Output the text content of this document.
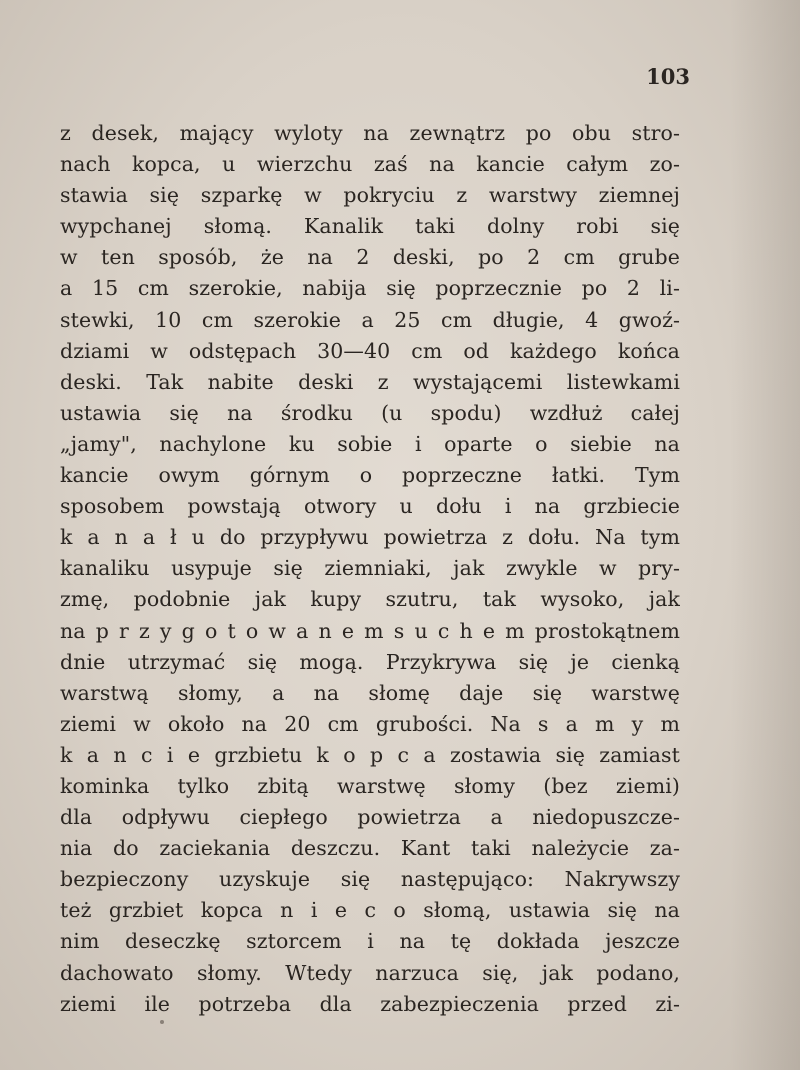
103
z desek, mający wyloty na zewnątrz po obu stro-
nach kopca, u wierzchu zaś na kancie całym zo-
stawia się szparkę w pokryciu z warstwy ziemnej
wypchanej słomą. Kanalik taki dolny robi się
w ten sposób, że na 2 deski, po 2 cm grube
a 15 cm szerokie, nabija się poprzecznie po 2 li-
stewki, 10 cm szerokie a 25 cm długie, 4 gwoź-
dziami w odstępach 30—40 cm od każdego końca
deski. Tak nabite deski z wystającemi listewkami
ustawia się na środku (u spodu) wzdłuż całej
„jamy", nachylone ku sobie i oparte o siebie na
kancie owym górnym o poprzeczne łatki. Tym
sposobem powstają otwory u dołu i na grzbiecie
k a n a ł u do przypływu powietrza z dołu. Na tym
kanaliku usypuje się ziemniaki, jak zwykle w pry-
zmę, podobnie jak kupy szutru, tak wysoko, jak
na p r z y g o t o w a n e m s u c h e m prostokątnem
dnie utrzymać się mogą. Przykrywa się je cienką
warstwą słomy, a na słomę daje się warstwę
ziemi w około na 20 cm grubości. Na s a m y m
k a n c i e grzbietu k o p c a zostawia się zamiast
kominka tylko zbitą warstwę słomy (bez ziemi)
dla odpływu ciepłego powietrza a niedopuszcze-
nia do zaciekania deszczu. Kant taki należycie za-
bezpieczony uzyskuje się następująco: Nakrywszy
też grzbiet kopca n i e c o słomą, ustawia się na
nim deseczkę sztorcem i na tę dokłada jeszcze
dachowato słomy. Wtedy narzuca się, jak podano,
ziemi ile potrzeba dla zabezpieczenia przed zi-
